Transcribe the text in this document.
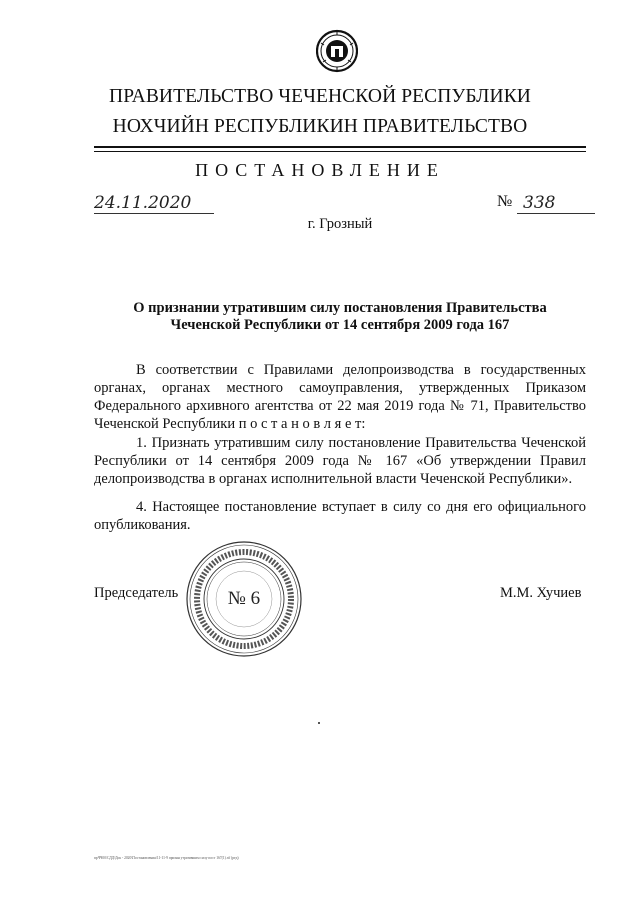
ПРАВИТЕЛЬСТВО ЧЕЧЕНСКОЙ РЕСПУБЛИКИ
НОХЧИЙН РЕСПУБЛИКИН ПРАВИТЕЛЬСТВО
ПОСТАНОВЛЕНИЕ
24.11.2020	№ 338
г. Грозный
О признании утратившим силу постановления Правительства
Чеченской Республики от 14 сентября 2009 года 167
В соответствии с Правилами делопроизводства в государственных органах, органах местного самоуправления, утвержденных Приказом Федерального архивного агентства от 22 мая 2019 года № 71, Правительство Чеченской Республики п о с т а н о в л я е т:
1. Признать утратившим силу постановление Правительства Чеченской Республики от 14 сентября 2009 года № 167 «Об утверждении Правил делопроизводства в органах исполнительной власти Чеченской Республики».
4. Настоящее постановление вступает в силу со дня его официального опубликования.
№ 6
Председатель	М.М. Хучиев
прЧЧ00\СДД\Док - 2020\Постановления\11-11-9 признн утратившим силу пост 167(1).rtf (ред)
